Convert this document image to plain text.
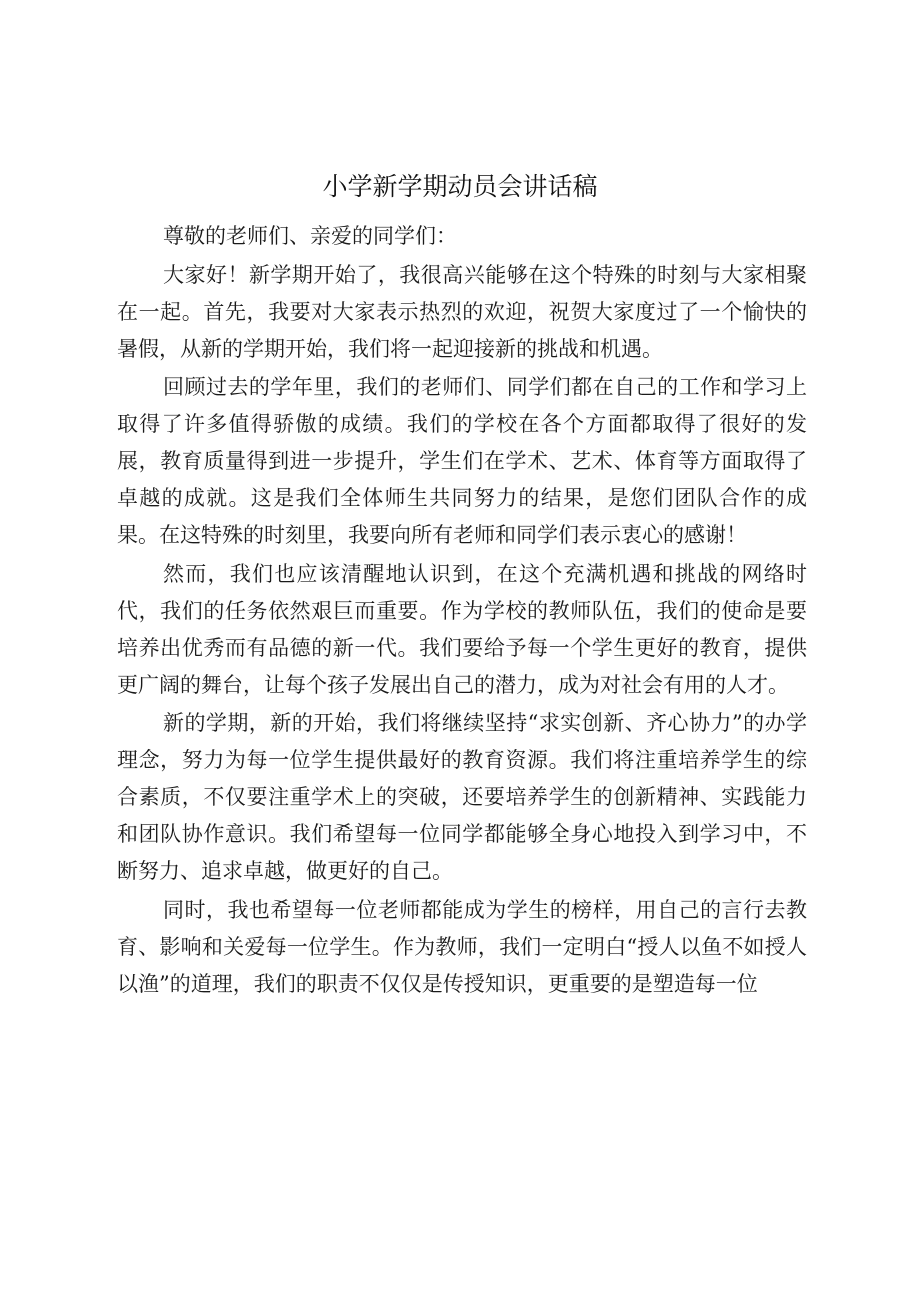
小学新学期动员会讲话稿

尊敬的老师们、亲爱的同学们：

大家好！新学期开始了，我很高兴能够在这个特殊的时刻与大家相聚在一起。首先，我要对大家表示热烈的欢迎，祝贺大家度过了一个愉快的暑假，从新的学期开始，我们将一起迎接新的挑战和机遇。

回顾过去的学年里，我们的老师们、同学们都在自己的工作和学习上取得了许多值得骄傲的成绩。我们的学校在各个方面都取得了很好的发展，教育质量得到进一步提升，学生们在学术、艺术、体育等方面取得了卓越的成就。这是我们全体师生共同努力的结果，是您们团队合作的成果。在这特殊的时刻里，我要向所有老师和同学们表示衷心的感谢！

然而，我们也应该清醒地认识到，在这个充满机遇和挑战的网络时代，我们的任务依然艰巨而重要。作为学校的教师队伍，我们的使命是要培养出优秀而有品德的新一代。我们要给予每一个学生更好的教育，提供更广阔的舞台，让每个孩子发展出自己的潜力，成为对社会有用的人才。

新的学期，新的开始，我们将继续坚持“求实创新、齐心协力”的办学理念，努力为每一位学生提供最好的教育资源。我们将注重培养学生的综合素质，不仅要注重学术上的突破，还要培养学生的创新精神、实践能力和团队协作意识。我们希望每一位同学都能够全身心地投入到学习中，不断努力、追求卓越，做更好的自己。

同时，我也希望每一位老师都能成为学生的榜样，用自己的言行去教育、影响和关爱每一位学生。作为教师，我们一定明白“授人以鱼不如授人以渔”的道理，我们的职责不仅仅是传授知识，更重要的是塑造每一位
